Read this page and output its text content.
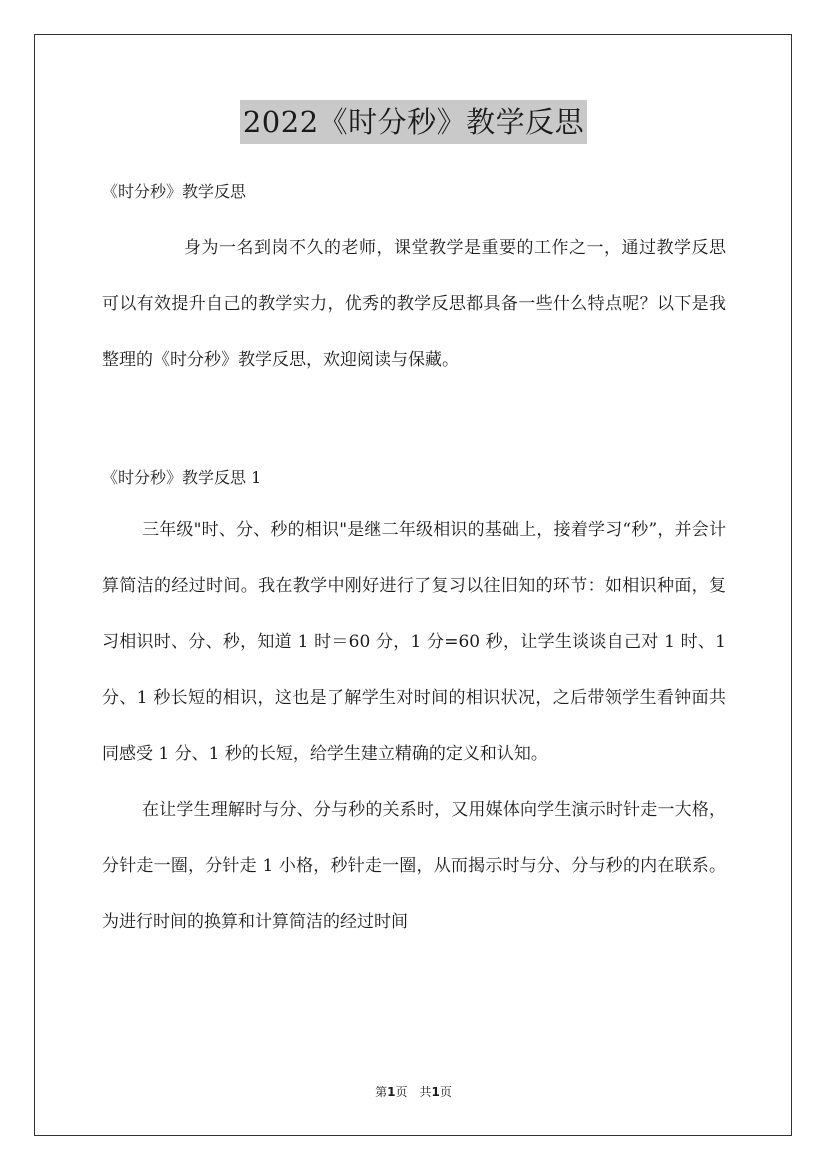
2022《时分秒》教学反思

《时分秒》教学反思

身为一名到岗不久的老师，课堂教学是重要的工作之一，通过教学反思可以有效提升自己的教学实力，优秀的教学反思都具备一些什么特点呢？以下是我整理的《时分秒》教学反思，欢迎阅读与保藏。

《时分秒》教学反思 1

三年级"时、分、秒的相识"是继二年级相识的基础上，接着学习“秒”，并会计算简洁的经过时间。我在教学中刚好进行了复习以往旧知的环节：如相识种面，复习相识时、分、秒，知道 1 时＝60 分，1 分=60 秒，让学生谈谈自己对 1 时、1 分、1 秒长短的相识，这也是了解学生对时间的相识状况，之后带领学生看钟面共同感受 1 分、1 秒的长短，给学生建立精确的定义和认知。

在让学生理解时与分、分与秒的关系时，又用媒体向学生演示时针走一大格，分针走一圈，分针走 1 小格，秒针走一圈，从而揭示时与分、分与秒的内在联系。为进行时间的换算和计算简洁的经过时间

第1页　共1页
